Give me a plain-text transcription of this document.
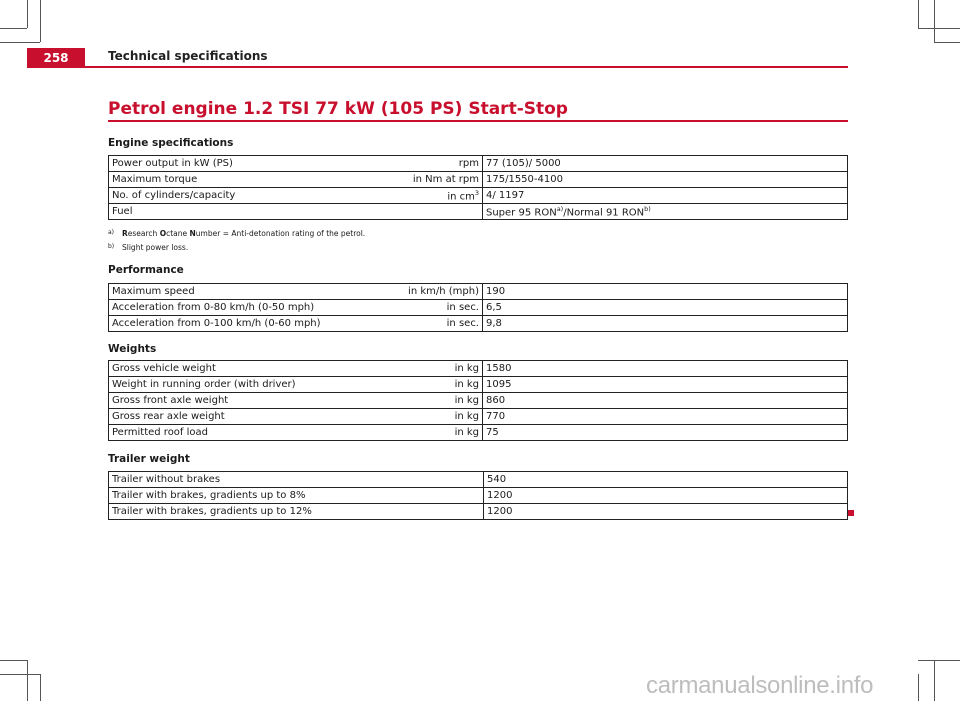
258	Technical specifications
Petrol engine 1.2 TSI 77 kW (105 PS) Start-Stop
Engine specifications
Power output in kW (PS)	rpm	77 (105)/ 5000
Maximum torque	in Nm at rpm	175/1550-4100
No. of cylinders/capacity	in $cm^3$	4/ 1197
Fuel		Super 95 RON$^{a)}$/Normal 91 RON$^{b)}$
a)	Research Octane Number = Anti-detonation rating of the petrol.
b)	Slight power loss.
Performance
Maximum speed	in km/h (mph)	190
Acceleration from 0-80 km/h (0-50 mph)	in sec.	6,5
Acceleration from 0-100 km/h (0-60 mph)	in sec.	9,8
Weights
Gross vehicle weight	in kg	1580
Weight in running order (with driver)	in kg	1095
Gross front axle weight	in kg	860
Gross rear axle weight	in kg	770
Permitted roof load	in kg	75
Trailer weight
Trailer without brakes	540
Trailer with brakes, gradients up to 8%	1200
Trailer with brakes, gradients up to 12%	1200
carmanualsonline.info
